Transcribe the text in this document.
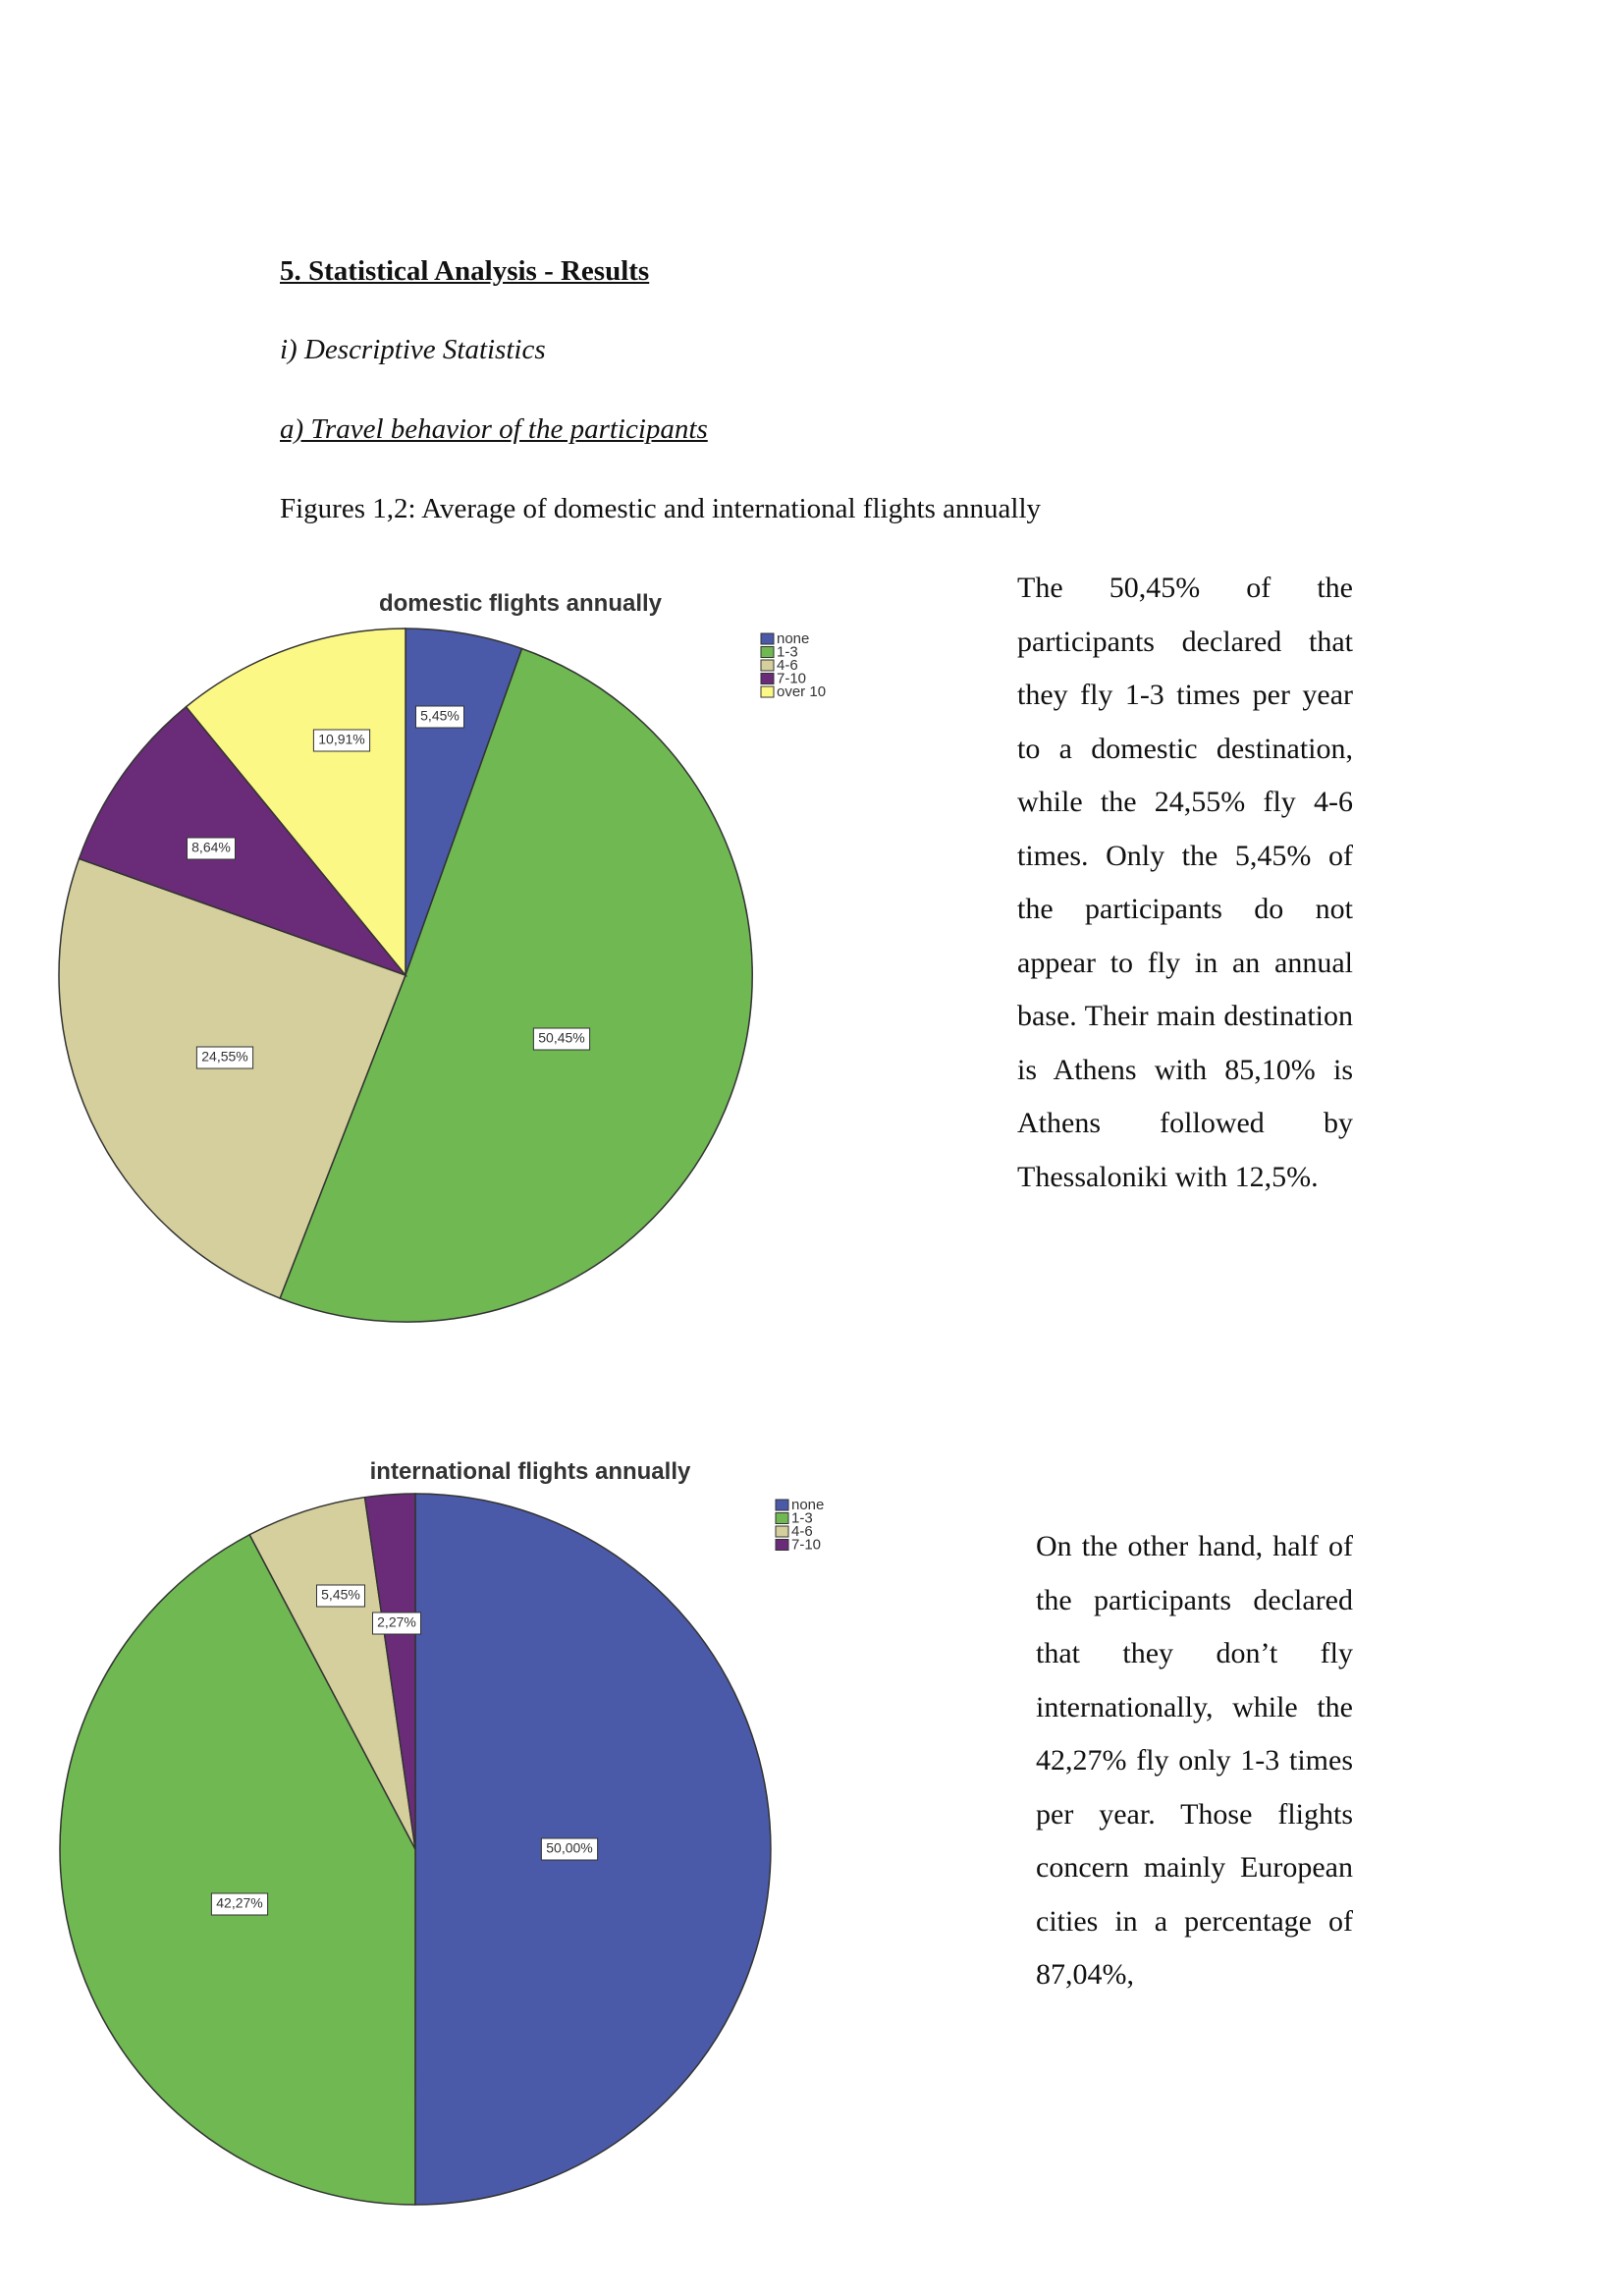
5. Statistical Analysis - Results
i) Descriptive Statistics
a) Travel behavior of the participants
Figures 1,2: Average of domestic and international flights annually
domestic flights annually
none
1-3
4-6
7-10
over 10
5,45%
50,45%
24,55%
8,64%
10,91%
international flights annually
none
1-3
4-6
7-10
50,00%
42,27%
5,45%
2,27%
The 50,45% of the participants declared that they fly 1-3 times per year to a domestic destination, while the 24,55% fly 4-6 times. Only the 5,45% of the participants do not appear to fly in an annual base. Their main destination is Athens with 85,10% is Athens followed by Thessaloniki with 12,5%.
On the other hand, half of the participants declared that they don’t fly internationally, while the 42,27% fly only 1-3 times per year. Those flights concern mainly European cities in a percentage of 87,04%,
